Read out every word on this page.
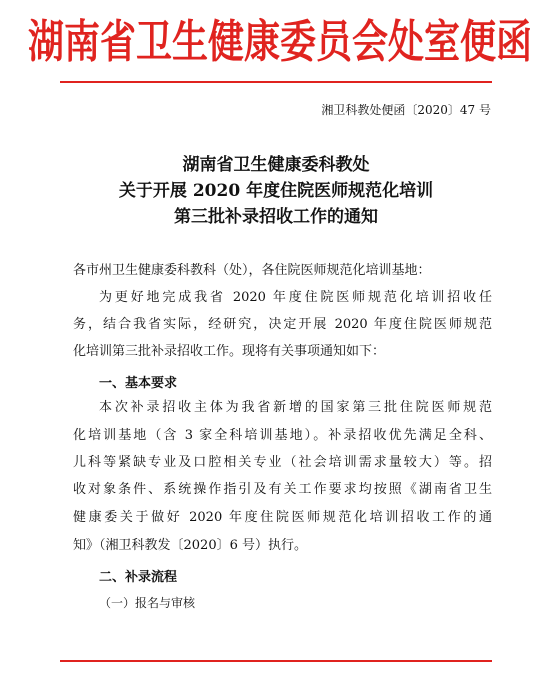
湖南省卫生健康委员会处室便函
湘卫科教处便函〔2020〕47 号
湖南省卫生健康委科教处
关于开展 2020 年度住院医师规范化培训
第三批补录招收工作的通知
各市州卫生健康委科教科（处），各住院医师规范化培训基地：
为更好地完成我省 2020 年度住院医师规范化培训招收任
务，结合我省实际，经研究，决定开展 2020 年度住院医师规范
化培训第三批补录招收工作。现将有关事项通知如下：
一、基本要求
本次补录招收主体为我省新增的国家第三批住院医师规范
化培训基地（含 3 家全科培训基地）。补录招收优先满足全科、
儿科等紧缺专业及口腔相关专业（社会培训需求量较大）等。招
收对象条件、系统操作指引及有关工作要求均按照《湖南省卫生
健康委关于做好 2020 年度住院医师规范化培训招收工作的通
知》（湘卫科教发〔2020〕6 号）执行。
二、补录流程
（一）报名与审核
